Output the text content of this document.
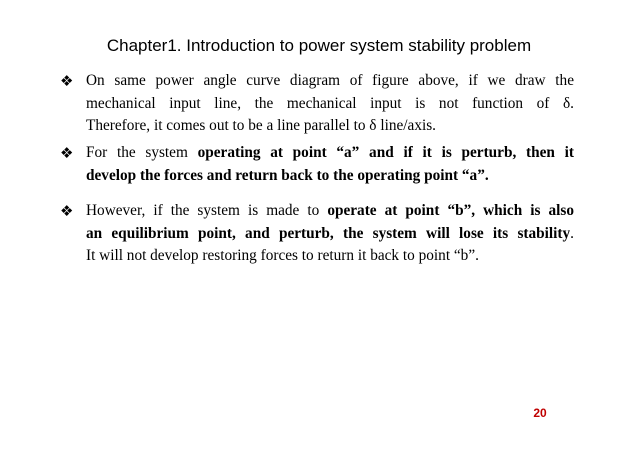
Chapter1. Introduction to power system stability problem
❖ On same power angle curve diagram of figure above, if we draw the
mechanical input line, the mechanical input is not function of δ.
Therefore, it comes out to be a line parallel to δ line/axis.
❖ For the system operating at point “a” and if it is perturb, then it
develop the forces and return back to the operating point “a”.
❖ However, if the system is made to operate at point “b”, which is also
an equilibrium point, and perturb, the system will lose its stability.
It will not develop restoring forces to return it back to point “b”.
20
